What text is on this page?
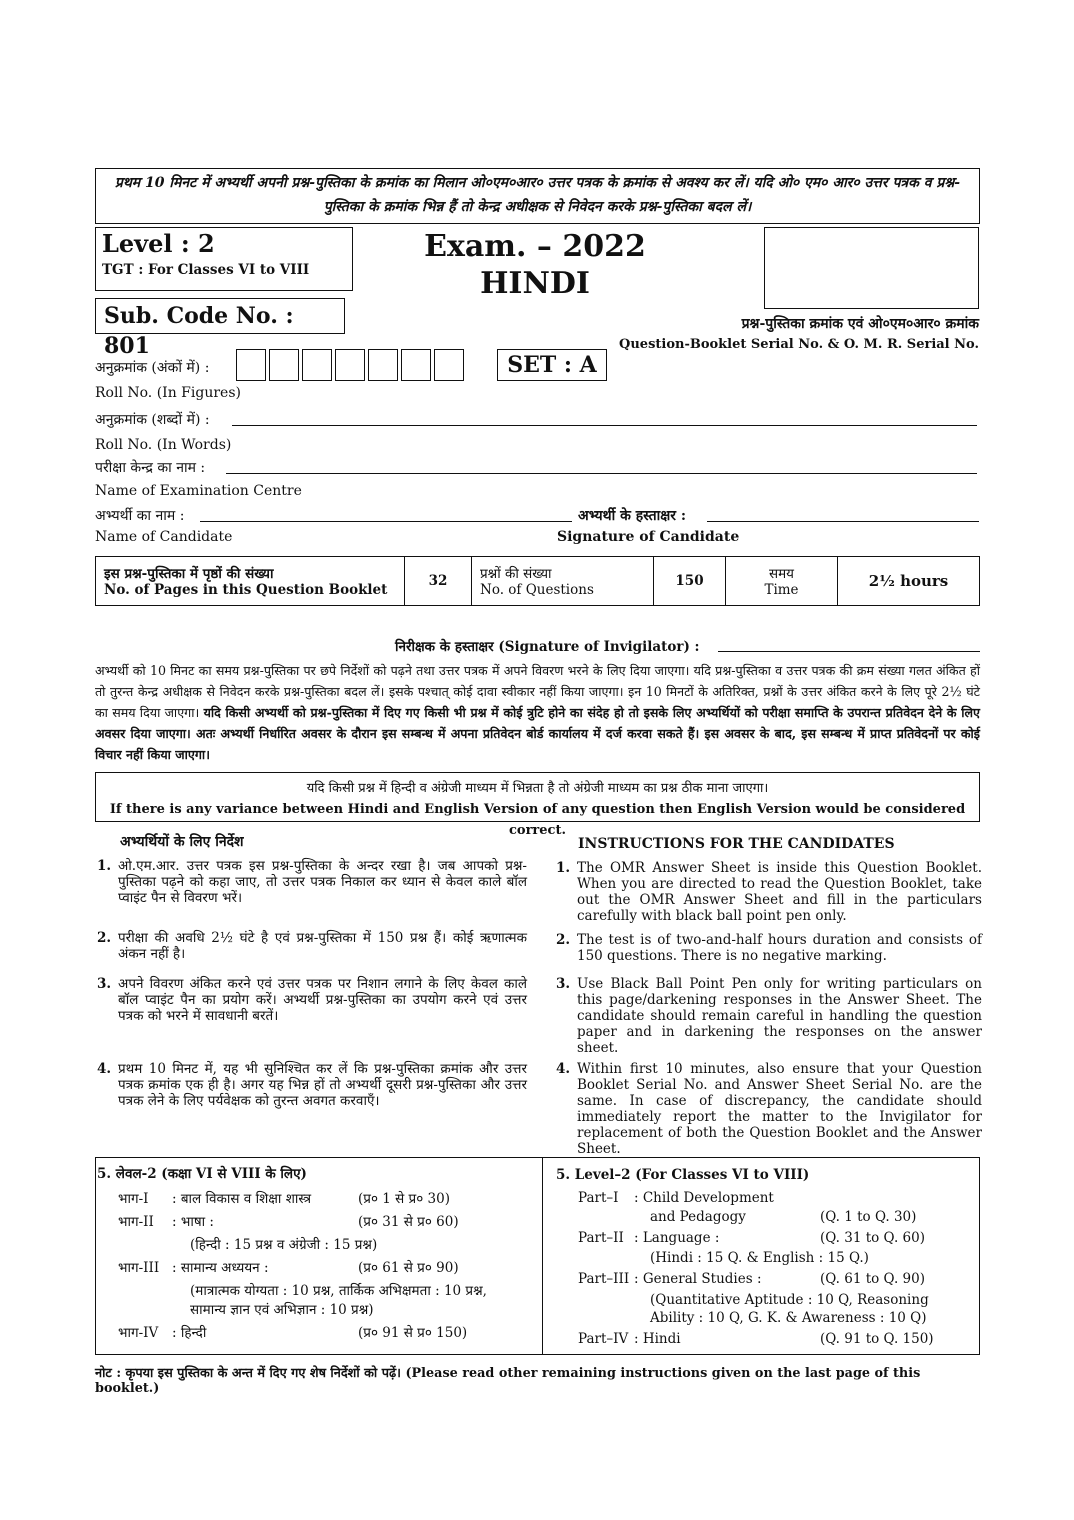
प्रथम 10 मिनट में अभ्यर्थी अपनी प्रश्न-पुस्तिका के क्रमांक का मिलान ओ०एम०आर० उत्तर पत्रक के क्रमांक से अवश्य कर लें। यदि ओ० एम० आर० उत्तर पत्रक व प्रश्न-पुस्तिका के क्रमांक भिन्न हैं तो केन्द्र अधीक्षक से निवेदन करके प्रश्न-पुस्तिका बदल लें।
Level : 2
TGT : For Classes VI to VIII
Sub. Code No. : 801
Exam. – 2022
HINDI
प्रश्न-पुस्तिका क्रमांक एवं ओ०एम०आर० क्रमांक
Question-Booklet Serial No. & O. M. R. Serial No.
अनुक्रमांक (अंकों में) :
Roll No. (In Figures)
SET : A
अनुक्रमांक (शब्दों में) :
Roll No. (In Words)
परीक्षा केन्द्र का नाम :
Name of Examination Centre
अभ्यर्थी का नाम :	अभ्यर्थी के हस्ताक्षर :
Name of Candidate	Signature of Candidate
इस प्रश्न-पुस्तिका में पृष्ठों की संख्या
No. of Pages in this Question Booklet
	32	प्रश्नों की संख्या
No. of Questions
	150	समय
Time	2½ hours
निरीक्षक के हस्ताक्षर (Signature of Invigilator) :
अभ्यर्थी को 10 मिनट का समय प्रश्न-पुस्तिका पर छपे निर्देशों को पढ़ने तथा उत्तर पत्रक में अपने विवरण भरने के लिए दिया जाएगा। यदि प्रश्न-पुस्तिका व उत्तर पत्रक की क्रम संख्या गलत अंकित हों तो तुरन्त केन्द्र अधीक्षक से निवेदन करके प्रश्न-पुस्तिका बदल लें। इसके पश्चात् कोई दावा स्वीकार नहीं किया जाएगा। इन 10 मिनटों के अतिरिक्त, प्रश्नों के उत्तर अंकित करने के लिए पूरे 2½ घंटे का समय दिया जाएगा। यदि किसी अभ्यर्थी को प्रश्न-पुस्तिका में दिए गए किसी भी प्रश्न में कोई त्रुटि होने का संदेह हो तो इसके लिए अभ्यर्थियों को परीक्षा समाप्ति के उपरान्त प्रतिवेदन देने के लिए अवसर दिया जाएगा। अतः अभ्यर्थी निर्धारित अवसर के दौरान इस सम्बन्ध में अपना प्रतिवेदन बोर्ड कार्यालय में दर्ज करवा सकते हैं। इस अवसर के बाद, इस सम्बन्ध में प्राप्त प्रतिवेदनों पर कोई विचार नहीं किया जाएगा।
यदि किसी प्रश्न में हिन्दी व अंग्रेजी माध्यम में भिन्नता है तो अंग्रेजी माध्यम का प्रश्न ठीक माना जाएगा।
If there is any variance between Hindi and English Version of any question then English Version would be considered correct.
अभ्यर्थियों के लिए निर्देश
1. ओ.एम.आर. उत्तर पत्रक इस प्रश्न-पुस्तिका के अन्दर रखा है। जब आपको प्रश्न-पुस्तिका पढ़ने को कहा जाए, तो उत्तर पत्रक निकाल कर ध्यान से केवल काले बॉल प्वाइंट पैन से विवरण भरें।
2. परीक्षा की अवधि 2½ घंटे है एवं प्रश्न-पुस्तिका में 150 प्रश्न हैं। कोई ऋणात्मक अंकन नहीं है।
3. अपने विवरण अंकित करने एवं उत्तर पत्रक पर निशान लगाने के लिए केवल काले बॉल प्वाइंट पैन का प्रयोग करें। अभ्यर्थी प्रश्न-पुस्तिका का उपयोग करने एवं उत्तर पत्रक को भरने में सावधानी बरतें।
4. प्रथम 10 मिनट में, यह भी सुनिश्चित कर लें कि प्रश्न-पुस्तिका क्रमांक और उत्तर पत्रक क्रमांक एक ही है। अगर यह भिन्न हों तो अभ्यर्थी दूसरी प्रश्न-पुस्तिका और उत्तर पत्रक लेने के लिए पर्यवेक्षक को तुरन्त अवगत करवाएँ।
INSTRUCTIONS FOR THE CANDIDATES
1. The OMR Answer Sheet is inside this Question Booklet. When you are directed to read the Question Booklet, take out the OMR Answer Sheet and fill in the particulars carefully with black ball point pen only.
2. The test is of two-and-half hours duration and consists of 150 questions. There is no negative marking.
3. Use Black Ball Point Pen only for writing particulars on this page/darkening responses in the Answer Sheet. The candidate should remain careful in handling the question paper and in darkening the responses on the answer sheet.
4. Within first 10 minutes, also ensure that your Question Booklet Serial No. and Answer Sheet Serial No. are the same. In case of discrepancy, the candidate should immediately report the matter to the Invigilator for replacement of both the Question Booklet and the Answer Sheet.
5. लेवल-2 (कक्षा VI से VIII के लिए)
भाग-I : बाल विकास व शिक्षा शास्त्र	(प्र० 1 से प्र० 30)
भाग-II : भाषा :	(प्र० 31 से प्र० 60)
(हिन्दी : 15 प्रश्न व अंग्रेजी : 15 प्रश्न)
भाग-III : सामान्य अध्ययन :	(प्र० 61 से प्र० 90)
(मात्रात्मक योग्यता : 10 प्रश्न, तार्किक अभिक्षमता : 10 प्रश्न,
सामान्य ज्ञान एवं अभिज्ञान : 10 प्रश्न)
भाग-IV : हिन्दी	(प्र० 91 से प्र० 150)
5. Level–2 (For Classes VI to VIII)
Part–I : Child Development
and Pedagogy	(Q. 1 to Q. 30)
Part–II : Language :	(Q. 31 to Q. 60)
(Hindi : 15 Q. & English : 15 Q.)
Part–III : General Studies :	(Q. 61 to Q. 90)
(Quantitative Aptitude : 10 Q, Reasoning
Ability : 10 Q, G. K. & Awareness : 10 Q)
Part–IV : Hindi	(Q. 91 to Q. 150)
नोट : कृपया इस पुस्तिका के अन्त में दिए गए शेष निर्देशों को पढ़ें। (Please read other remaining instructions given on the last page of this booklet.)
